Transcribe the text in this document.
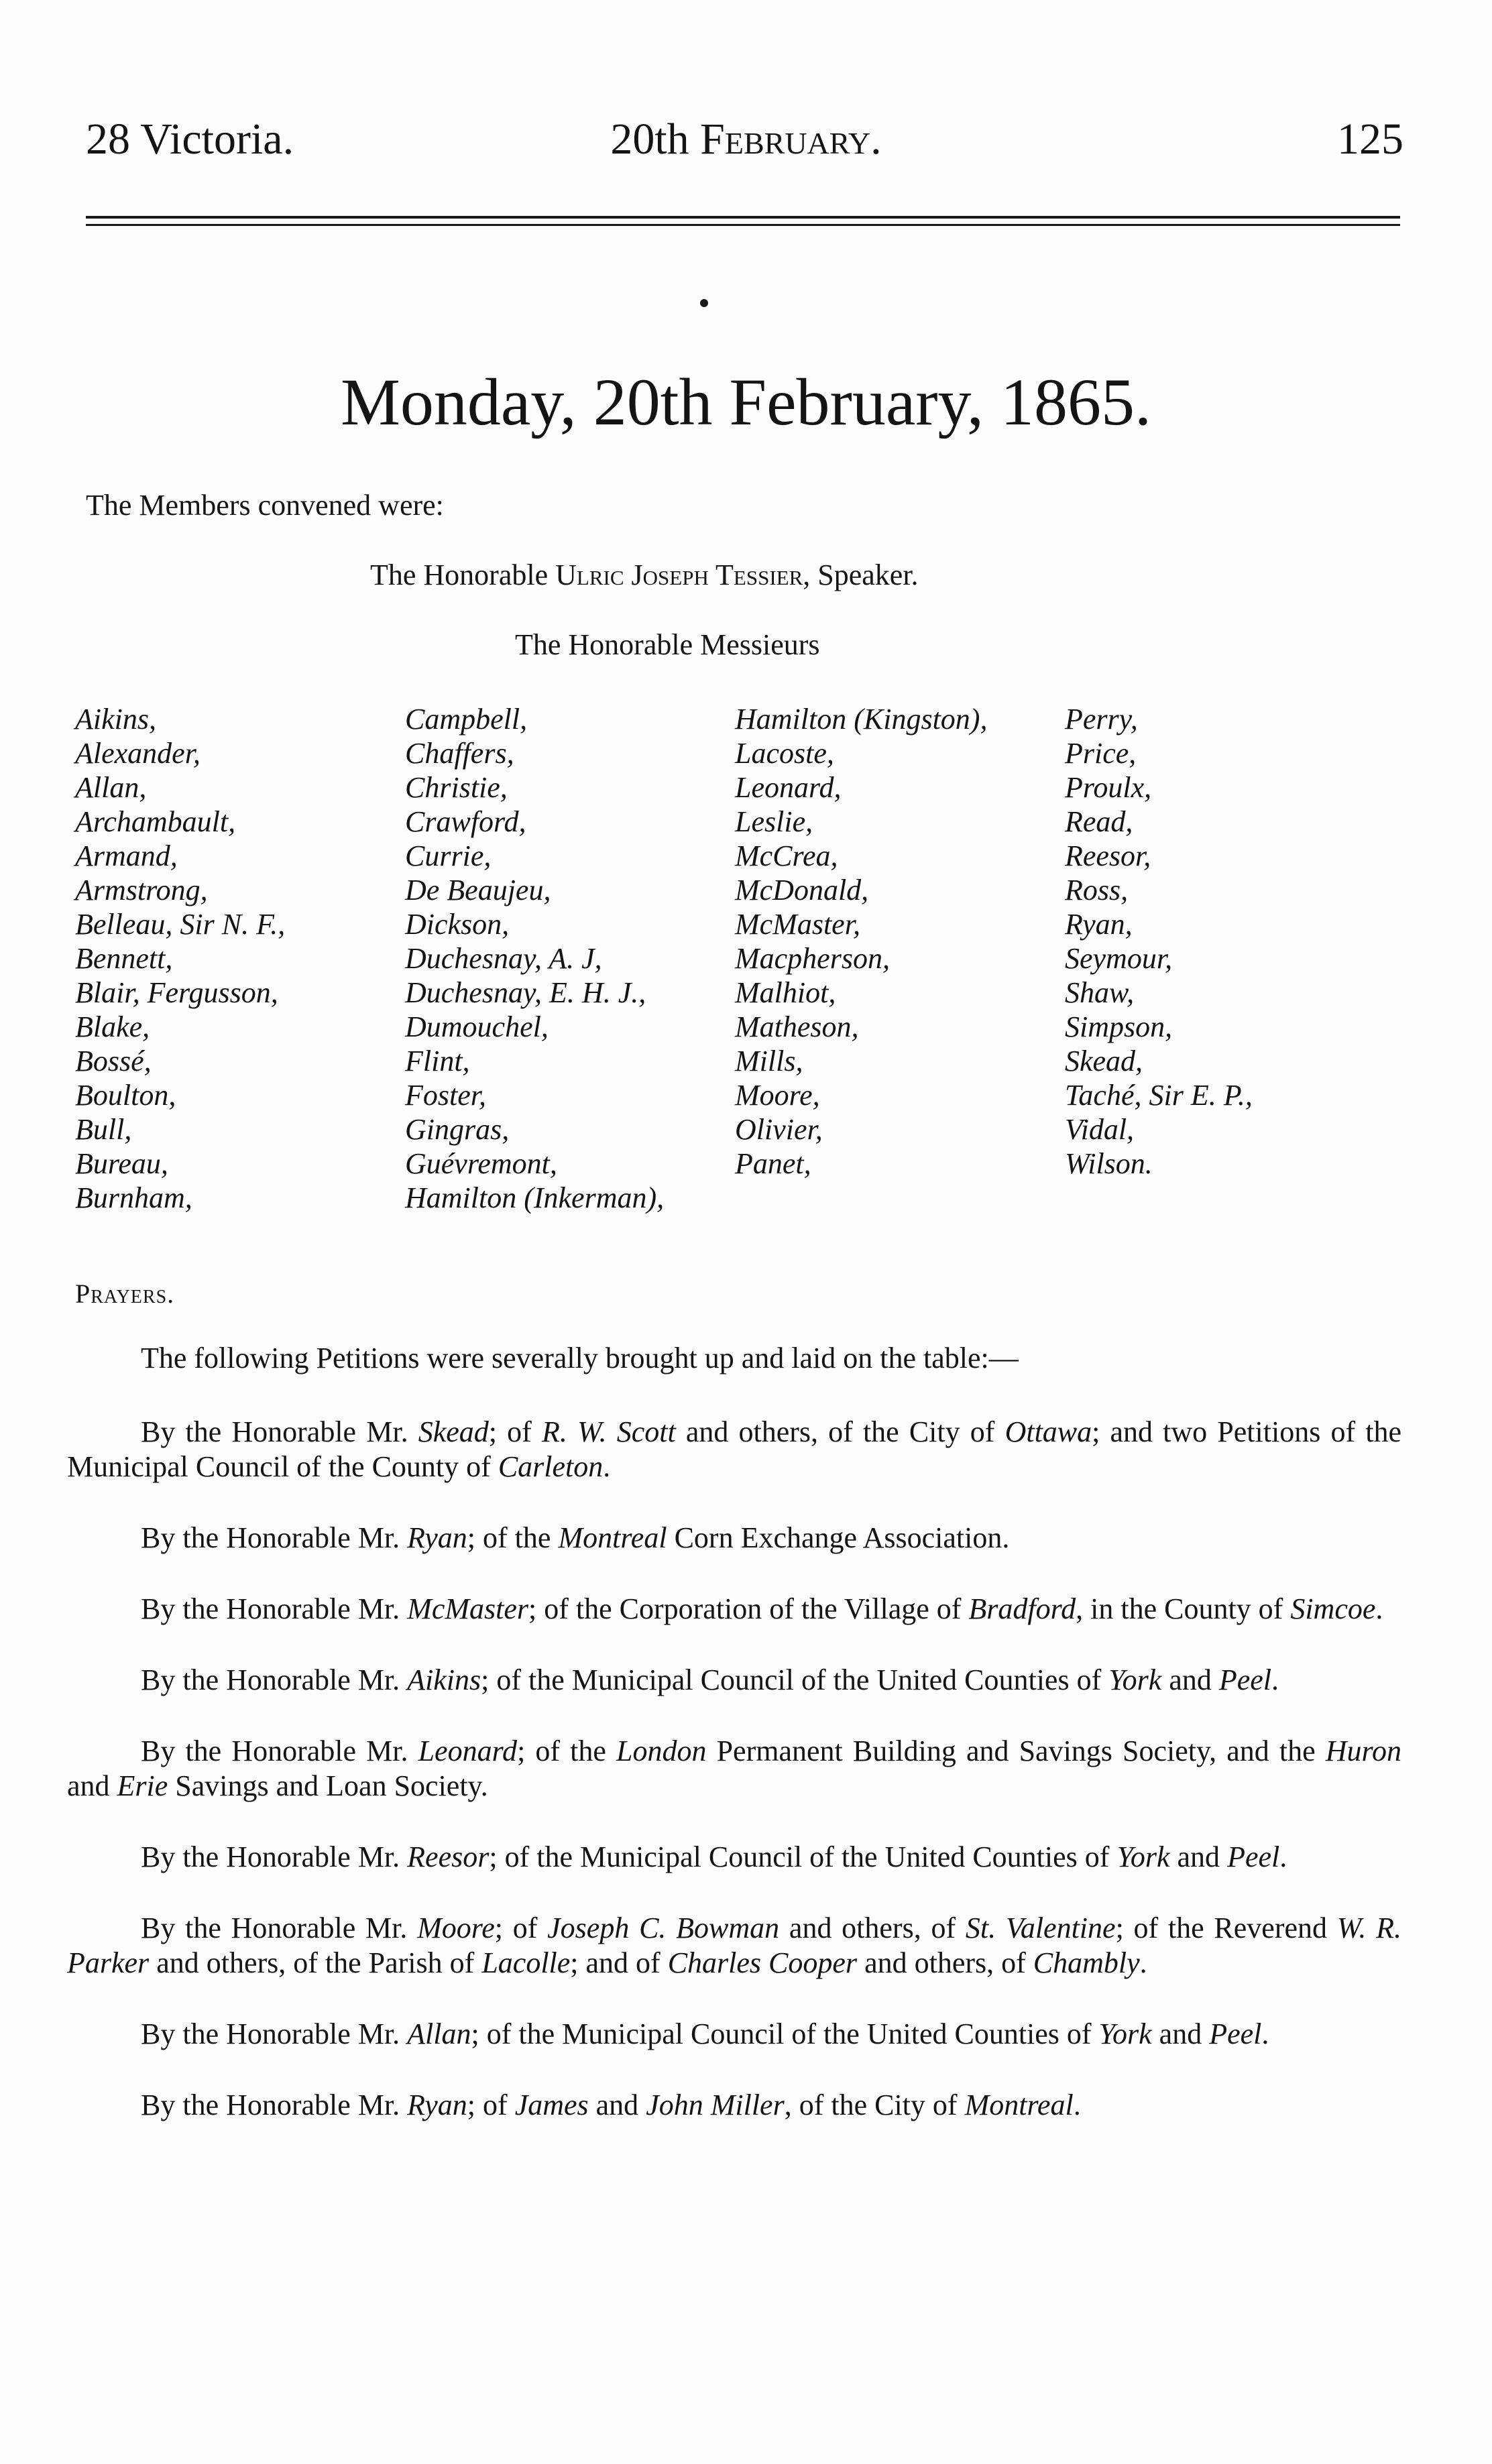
28 Victoria.	20th February.	125
Monday, 20th February, 1865.
The Members convened were:
The Honorable Ulric Joseph Tessier, Speaker.
The Honorable Messieurs
Aikins,
Alexander,
Allan,
Archambault,
Armand,
Armstrong,
Belleau, Sir N. F.,
Bennett,
Blair, Fergusson,
Blake,
Bossé,
Boulton,
Bull,
Bureau,
Burnham,
Campbell,
Chaffers,
Christie,
Crawford,
Currie,
De Beaujeu,
Dickson,
Duchesnay, A. J,
Duchesnay, E. H. J.,
Dumouchel,
Flint,
Foster,
Gingras,
Guévremont,
Hamilton (Inkerman),
Hamilton (Kingston),
Lacoste,
Leonard,
Leslie,
McCrea,
McDonald,
McMaster,
Macpherson,
Malhiot,
Matheson,
Mills,
Moore,
Olivier,
Panet,
Perry,
Price,
Proulx,
Read,
Reesor,
Ross,
Ryan,
Seymour,
Shaw,
Simpson,
Skead,
Taché, Sir E. P.,
Vidal,
Wilson.
Prayers.
The following Petitions were severally brought up and laid on the table:—
By the Honorable Mr. Skead; of R. W. Scott and others, of the City of Ottawa; and two Petitions of the Municipal Council of the County of Carleton.
By the Honorable Mr. Ryan; of the Montreal Corn Exchange Association.
By the Honorable Mr. McMaster; of the Corporation of the Village of Bradford, in the County of Simcoe.
By the Honorable Mr. Aikins; of the Municipal Council of the United Counties of York and Peel.
By the Honorable Mr. Leonard; of the London Permanent Building and Savings Society, and the Huron and Erie Savings and Loan Society.
By the Honorable Mr. Reesor; of the Municipal Council of the United Counties of York and Peel.
By the Honorable Mr. Moore; of Joseph C. Bowman and others, of St. Valentine; of the Reverend W. R. Parker and others, of the Parish of Lacolle; and of Charles Cooper and others, of Chambly.
By the Honorable Mr. Allan; of the Municipal Council of the United Counties of York and Peel.
By the Honorable Mr. Ryan; of James and John Miller, of the City of Montreal.
